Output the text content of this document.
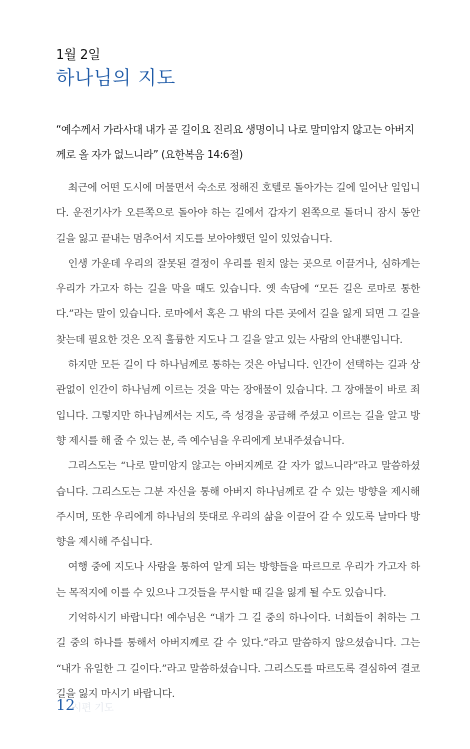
1월 2일
하나님의 지도
“예수께서 가라사대 내가 곧 길이요 진리요 생명이니 나로 말미암지 않고는 아버지께로 올 자가 없느니라” (요한복음 14:6절)

최근에 어떤 도시에 머물면서 숙소로 정해진 호텔로 돌아가는 길에 일어난 일입니다. 운전기사가 오른쪽으로 돌아야 하는 길에서 갑자기 왼쪽으로 돌더니 잠시 동안 길을 잃고 끝내는 멈추어서 지도를 보아야했던 일이 있었습니다.

인생 가운데 우리의 잘못된 결정이 우리를 원치 않는 곳으로 이끌거나, 심하게는 우리가 가고자 하는 길을 막을 때도 있습니다. 옛 속담에 “모든 길은 로마로 통한다.”라는 말이 있습니다. 로마에서 혹은 그 밖의 다른 곳에서 길을 잃게 되면 그 길을 찾는데 필요한 것은 오직 훌륭한 지도나 그 길을 알고 있는 사람의 안내뿐입니다.

하지만 모든 길이 다 하나님께로 통하는 것은 아닙니다. 인간이 선택하는 길과 상관없이 인간이 하나님께 이르는 것을 막는 장애물이 있습니다. 그 장애물이 바로 죄입니다. 그렇지만 하나님께서는 지도, 즉 성경을 공급해 주셨고 이르는 길을 알고 방향 제시를 해 줄 수 있는 분, 즉 예수님을 우리에게 보내주셨습니다.

그리스도는 “나로 말미암지 않고는 아버지께로 갈 자가 없느니라”라고 말씀하셨습니다. 그리스도는 그분 자신을 통해 아버지 하나님께로 갈 수 있는 방향을 제시해 주시며, 또한 우리에게 하나님의 뜻대로 우리의 삶을 이끌어 갈 수 있도록 날마다 방향을 제시해 주십니다.

여행 중에 지도나 사람을 통하여 알게 되는 방향들을 따르므로 우리가 가고자 하는 목적지에 이를 수 있으나 그것들을 무시할 때 길을 잃게 될 수도 있습니다.

기억하시기 바랍니다! 예수님은 “내가 그 길 중의 하나이다. 너희들이 취하는 그 길 중의 하나를 통해서 아버지께로 갈 수 있다.”라고 말씀하지 않으셨습니다. 그는 “내가 유일한 그 길이다.”라고 말씀하셨습니다. 그리스도를 따르도록 결심하여 결코 길을 잃지 마시기 바랍니다.

12
시편 기도
